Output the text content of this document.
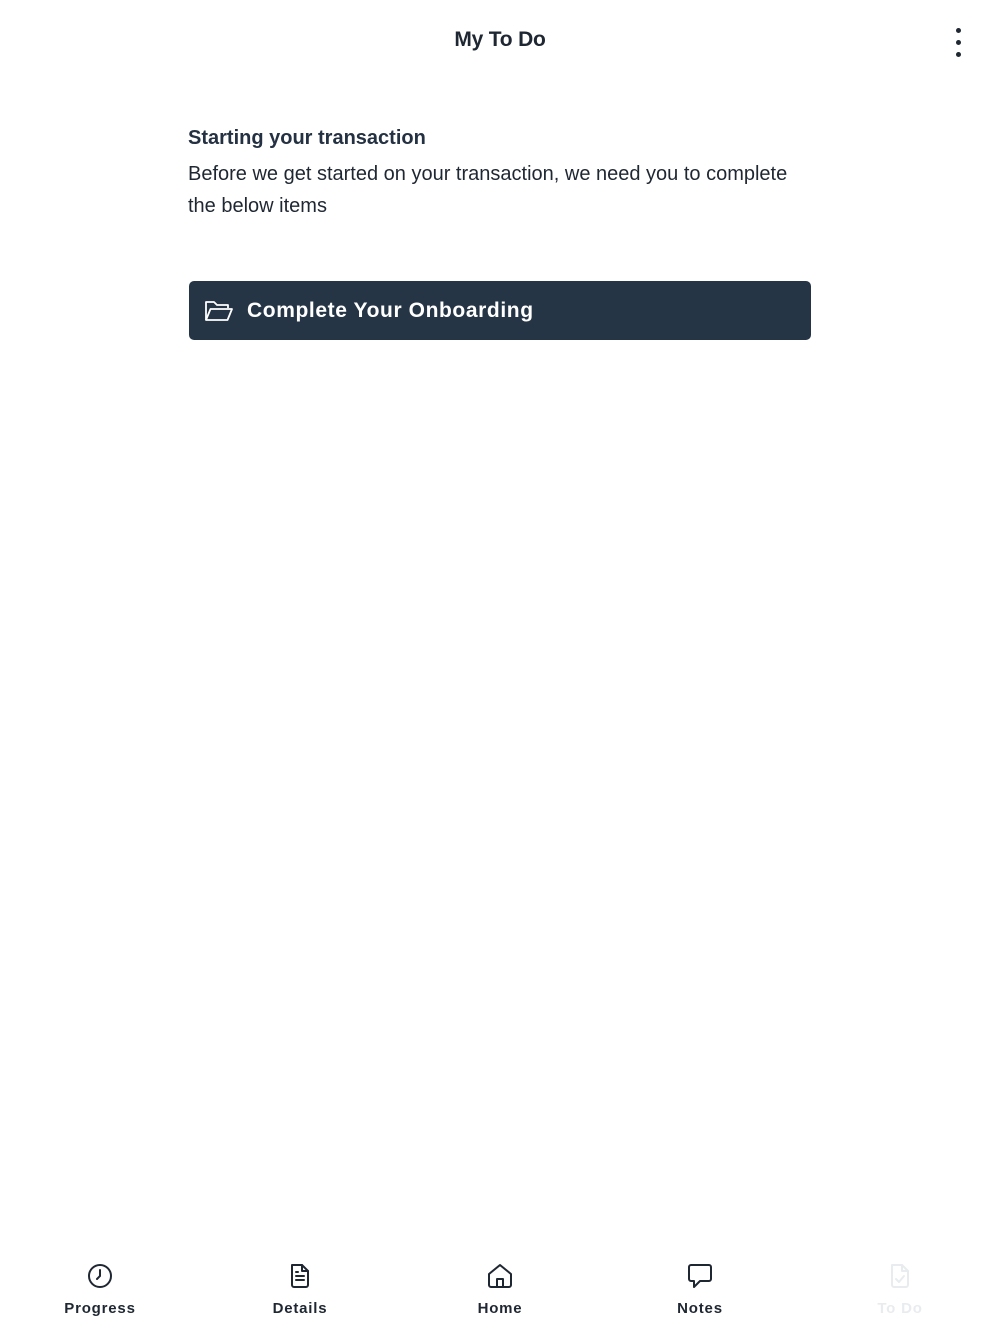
My To Do

Starting your transaction

Before we get started on your transaction, we need you to complete the below items

Complete Your Onboarding
Progress	Details	Home	Notes	To Do
